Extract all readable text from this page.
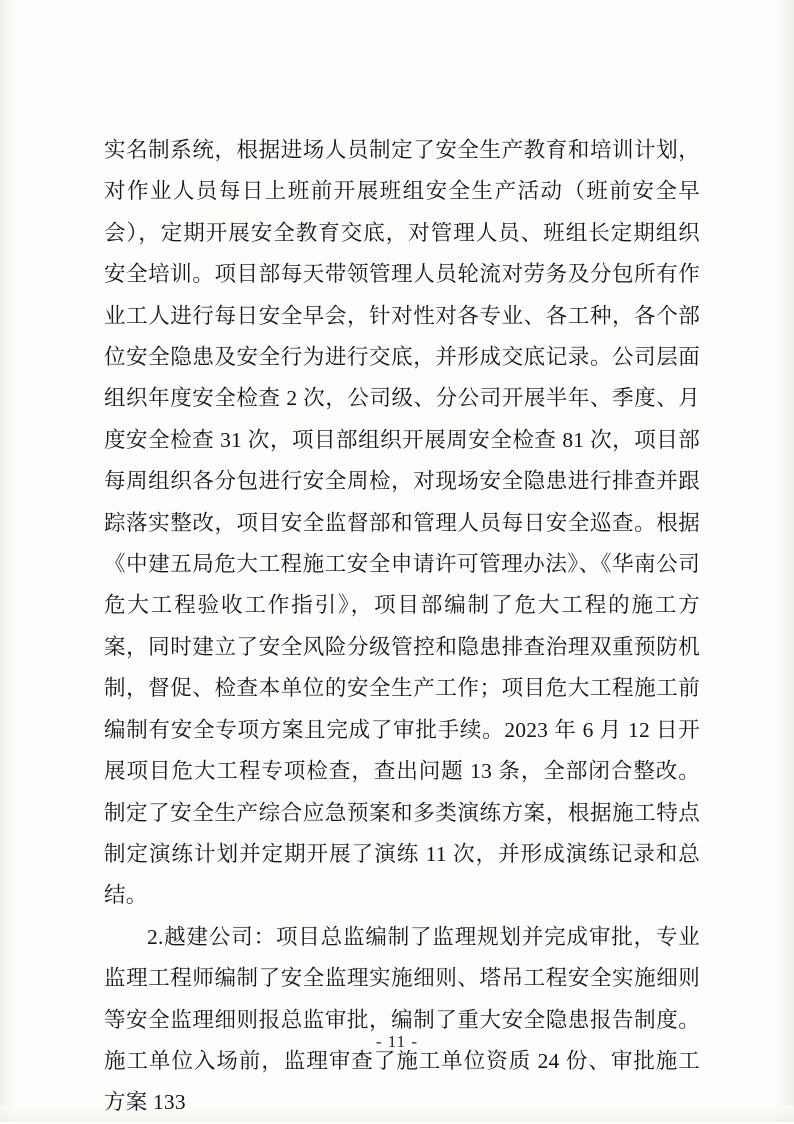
实名制系统，根据进场人员制定了安全生产教育和培训计划，对作业人员每日上班前开展班组安全生产活动（班前安全早会），定期开展安全教育交底，对管理人员、班组长定期组织安全培训。项目部每天带领管理人员轮流对劳务及分包所有作业工人进行每日安全早会，针对性对各专业、各工种，各个部位安全隐患及安全行为进行交底，并形成交底记录。公司层面组织年度安全检查 2 次，公司级、分公司开展半年、季度、月度安全检查 31 次，项目部组织开展周安全检查 81 次，项目部每周组织各分包进行安全周检，对现场安全隐患进行排查并跟踪落实整改，项目安全监督部和管理人员每日安全巡查。根据《中建五局危大工程施工安全申请许可管理办法》、《华南公司危大工程验收工作指引》，项目部编制了危大工程的施工方案，同时建立了安全风险分级管控和隐患排查治理双重预防机制，督促、检查本单位的安全生产工作；项目危大工程施工前编制有安全专项方案且完成了审批手续。2023 年 6 月 12 日开展项目危大工程专项检查，查出问题 13 条，全部闭合整改。制定了安全生产综合应急预案和多类演练方案，根据施工特点制定演练计划并定期开展了演练 11 次，并形成演练记录和总结。

2.越建公司：项目总监编制了监理规划并完成审批，专业监理工程师编制了安全监理实施细则、塔吊工程安全实施细则等安全监理细则报总监审批，编制了重大安全隐患报告制度。施工单位入场前，监理审查了施工单位资质 24 份、审批施工方案 133

- 11 -
